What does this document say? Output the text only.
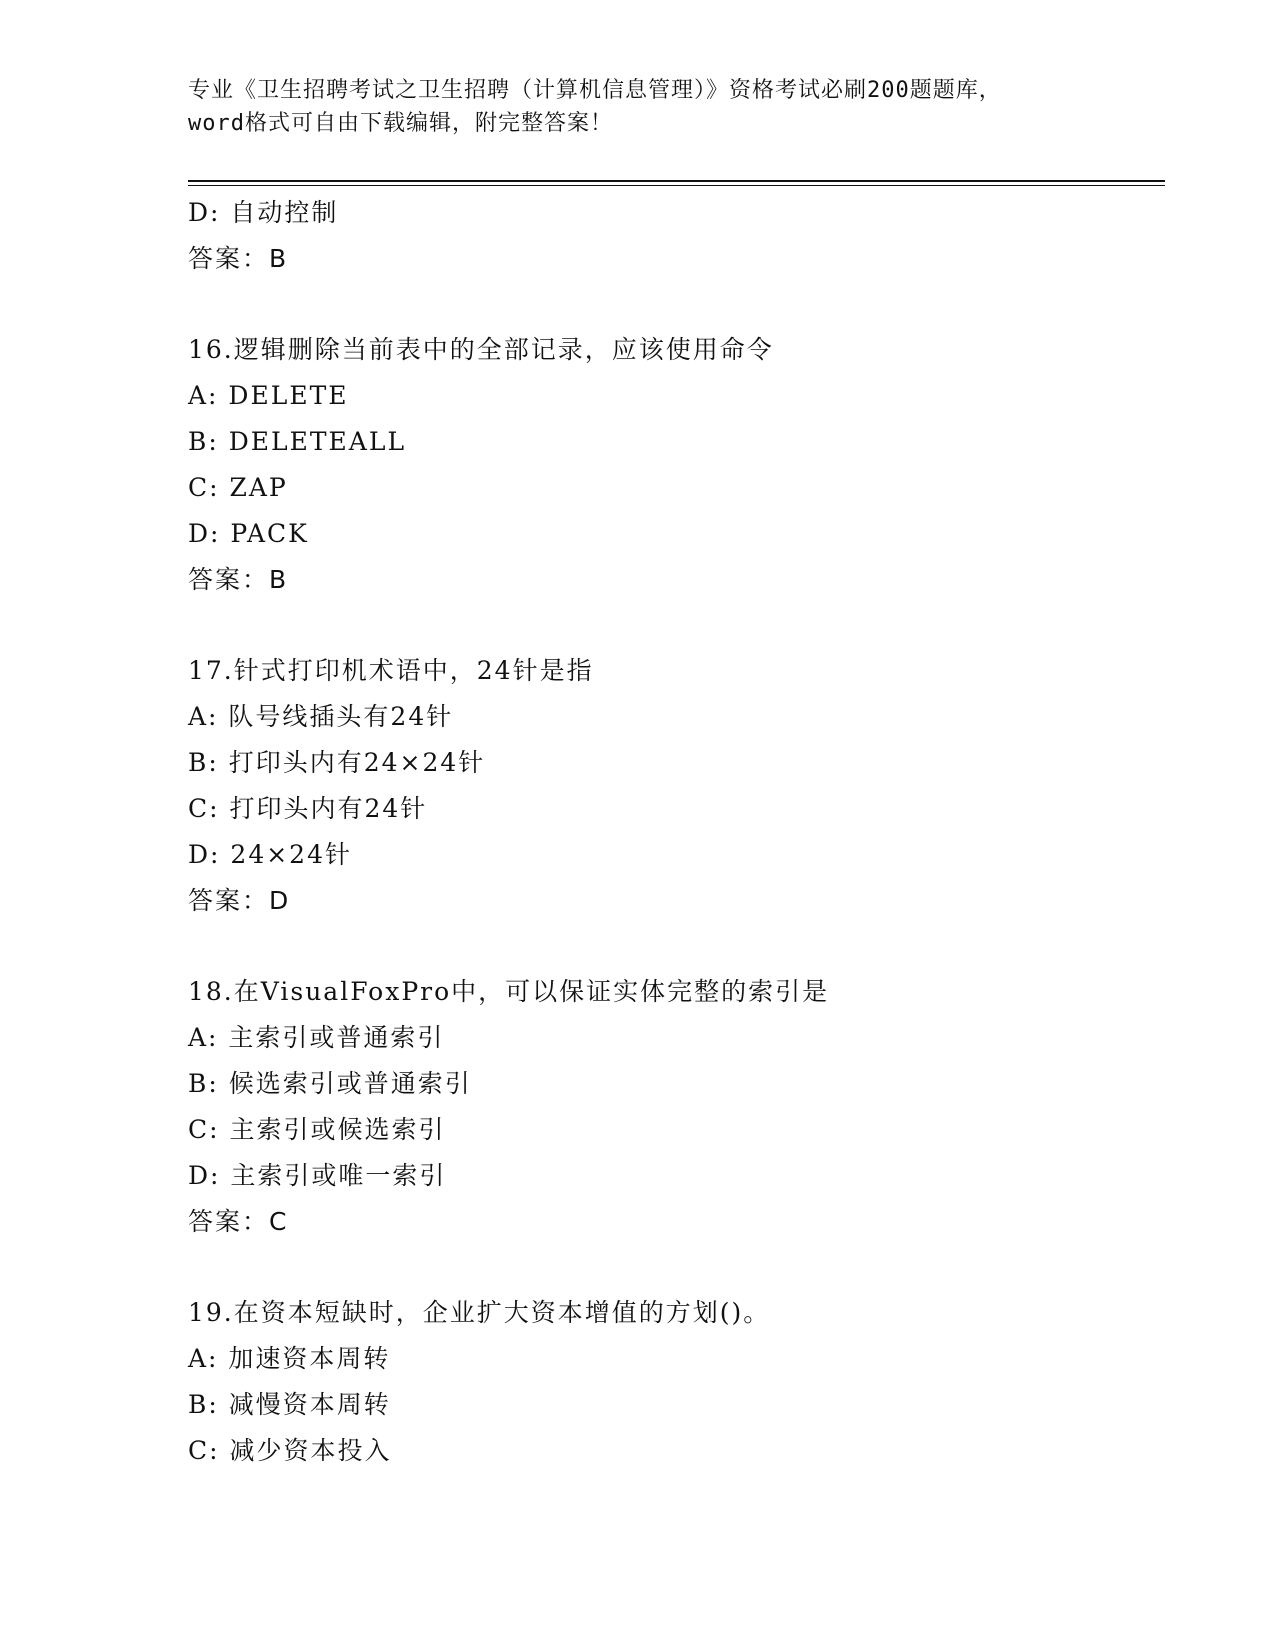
专业《卫生招聘考试之卫生招聘（计算机信息管理）》资格考试必刷200题题库，
word格式可自由下载编辑，附完整答案！
D: 自动控制
答案：B
16.逻辑删除当前表中的全部记录，应该使用命令
A: DELETE
B: DELETEALL
C: ZAP
D: PACK
答案：B
17.针式打印机术语中，24针是指
A: 队号线插头有24针
B: 打印头内有24×24针
C: 打印头内有24针
D: 24×24针
答案：D
18.在VisualFoxPro中，可以保证实体完整的索引是
A: 主索引或普通索引
B: 候选索引或普通索引
C: 主索引或候选索引
D: 主索引或唯一索引
答案：C
19.在资本短缺时，企业扩大资本增值的方划()。
A: 加速资本周转
B: 减慢资本周转
C: 减少资本投入
